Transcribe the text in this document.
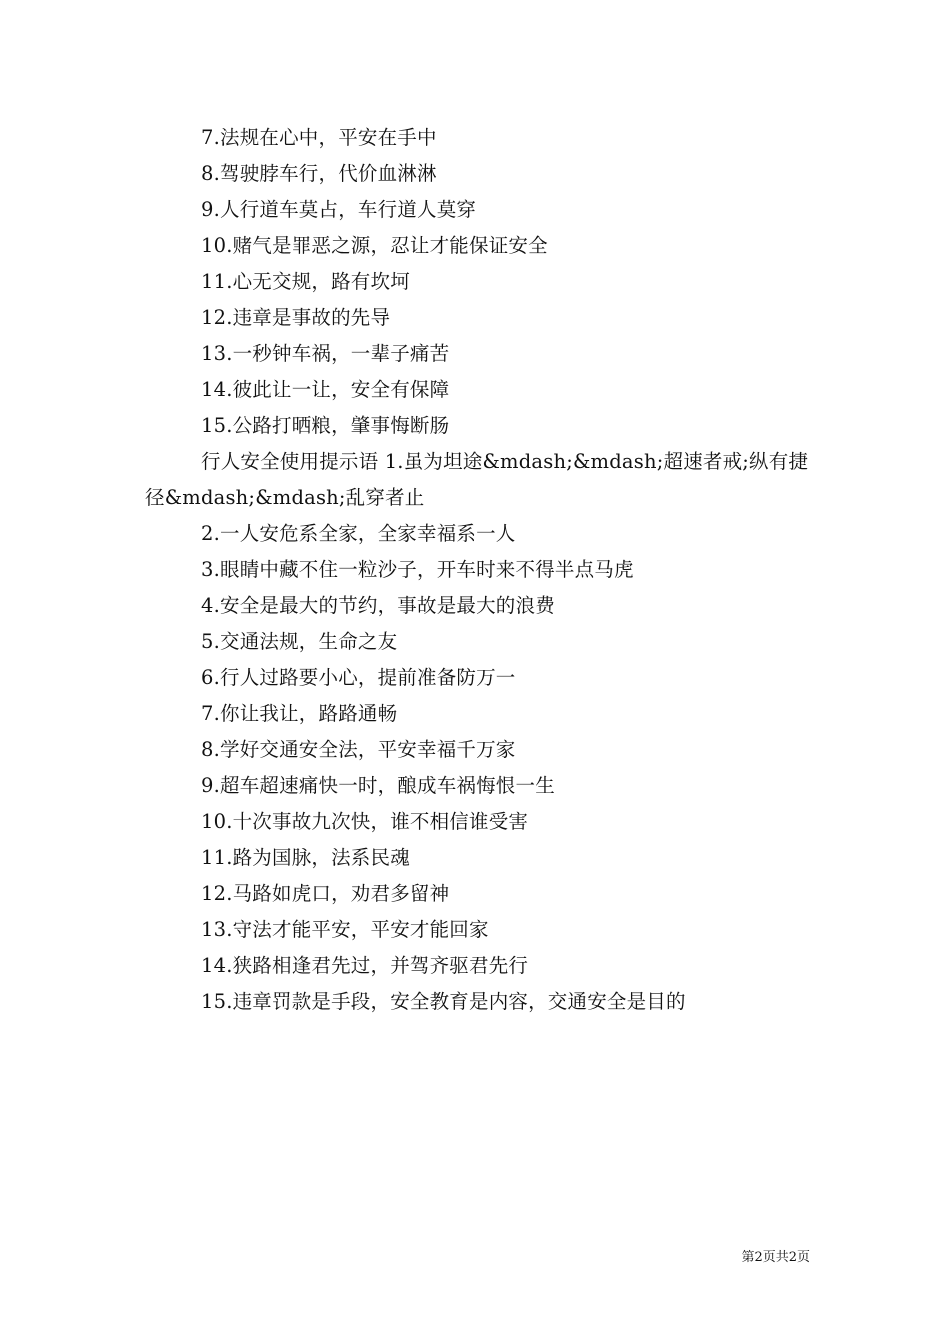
7.法规在心中，平安在手中
8.驾驶脖车行，代价血淋淋
9.人行道车莫占，车行道人莫穿
10.赌气是罪恶之源，忍让才能保证安全
11.心无交规，路有坎坷
12.违章是事故的先导
13.一秒钟车祸，一辈子痛苦
14.彼此让一让，安全有保障
15.公路打晒粮，肇事悔断肠
行人安全使用提示语 1.虽为坦途&mdash;&mdash;超速者戒;纵有捷径&mdash;&mdash;乱穿者止
2.一人安危系全家，全家幸福系一人
3.眼睛中藏不住一粒沙子，开车时来不得半点马虎
4.安全是最大的节约，事故是最大的浪费
5.交通法规，生命之友
6.行人过路要小心，提前准备防万一
7.你让我让，路路通畅
8.学好交通安全法，平安幸福千万家
9.超车超速痛快一时，酿成车祸悔恨一生
10.十次事故九次快，谁不相信谁受害
11.路为国脉，法系民魂
12.马路如虎口，劝君多留神
13.守法才能平安，平安才能回家
14.狭路相逢君先过，并驾齐驱君先行
15.违章罚款是手段，安全教育是内容，交通安全是目的
第2页共2页
